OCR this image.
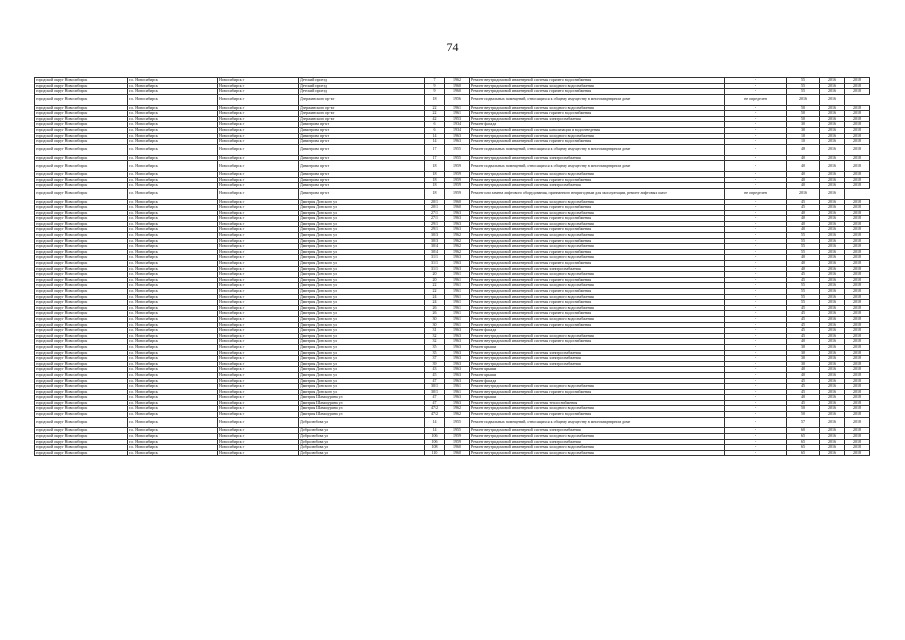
74
городской округ Новосибирск	г.о. Новосибирск	Новосибирск г	Детский проезд	7	1962	Ремонт внутридомовой инженерной системы горячего водоснабжения	-	55	2016	2018
городской округ Новосибирск	г.о. Новосибирск	Новосибирск г	Детский проезд	9	1960	Ремонт внутридомовой инженерной системы холодного водоснабжения	-	55	2016	2018
городской округ Новосибирск	г.о. Новосибирск	Новосибирск г	Детский проезд	9	1960	Ремонт внутридомовой инженерной системы горячего водоснабжения	-	55	2016	2018
городской округ Новосибирск	г.о. Новосибирск	Новосибирск г	Дзержинского пр-кт	18	1956	Ремонт подвальных помещений, относящихся к общему имуществу в многоквартирном доме	не определен	2016	2016	
городской округ Новосибирск	г.о. Новосибирск	Новосибирск г	Дзержинского пр-кт	22	1961	Ремонт внутридомовой инженерной системы холодного водоснабжения	-	50	2016	2018
городской округ Новосибирск	г.о. Новосибирск	Новосибирск г	Дзержинского пр-кт	22	1961	Ремонт внутридомовой инженерной системы горячего водоснабжения	-	50	2016	2018
городской округ Новосибирск	г.о. Новосибирск	Новосибирск г	Дзержинского пр-кт	42	1953	Ремонт внутридомовой инженерной системы электроснабжения	-	50	2016	2018
городской округ Новосибирск	г.о. Новосибирск	Новосибирск г	Димитрова пр-кт	6	1934	Ремонт фасада	-	30	2016	2018
городской округ Новосибирск	г.о. Новосибирск	Новосибирск г	Димитрова пр-кт	6	1934	Ремонт внутридомовой инженерной системы канализации и водоотведения	-	30	2016	2018
городской округ Новосибирск	г.о. Новосибирск	Новосибирск г	Димитрова пр-кт	14	1963	Ремонт внутридомовой инженерной системы холодного водоснабжения	-	10	2016	2018
городской округ Новосибирск	г.о. Новосибирск	Новосибирск г	Димитрова пр-кт	14	1963	Ремонт внутридомовой инженерной системы горячего водоснабжения	-	10	2016	2018
городской округ Новосибирск	г.о. Новосибирск	Новосибирск г	Димитрова пр-кт	17	1955	Ремонт подвальных помещений, относящихся к общему имуществу в многоквартирном доме	-	48	2016	2018
городской округ Новосибирск	г.о. Новосибирск	Новосибирск г	Димитрова пр-кт	17	1955	Ремонт внутридомовой инженерной системы электроснабжения	-	40	2016	2018
городской округ Новосибирск	г.о. Новосибирск	Новосибирск г	Димитрова пр-кт	18	1959	Ремонт подвальных помещений, относящихся к общему имуществу в многоквартирном доме	-	40	2016	2018
городской округ Новосибирск	г.о. Новосибирск	Новосибирск г	Димитрова пр-кт	18	1959	Ремонт внутридомовой инженерной системы холодного водоснабжения	-	40	2016	2018
городской округ Новосибирск	г.о. Новосибирск	Новосибирск г	Димитрова пр-кт	18	1959	Ремонт внутридомовой инженерной системы горячего водоснабжения	-	40	2016	2018
городской округ Новосибирск	г.о. Новосибирск	Новосибирск г	Димитрова пр-кт	18	1959	Ремонт внутридомовой инженерной системы электроснабжения	-	40	2016	2018
городской округ Новосибирск	г.о. Новосибирск	Новосибирск г	Димитрова пр-кт	18	1959	Ремонт или замена лифтового оборудования, признанного непригодным для эксплуатации, ремонт лифтовых шахт	не определен	2016	2016	
городской округ Новосибирск	г.о. Новосибирск	Новосибирск г	Дмитрия Донского ул	20/1	1960	Ремонт внутридомовой инженерной системы холодного водоснабжения	-	45	2016	2018
городской округ Новосибирск	г.о. Новосибирск	Новосибирск г	Дмитрия Донского ул	20/1	1960	Ремонт внутридомовой инженерной системы горячего водоснабжения	-	45	2016	2018
городской округ Новосибирск	г.о. Новосибирск	Новосибирск г	Дмитрия Донского ул	27/1	1963	Ремонт внутридомовой инженерной системы холодного водоснабжения	-	40	2016	2018
городской округ Новосибирск	г.о. Новосибирск	Новосибирск г	Дмитрия Донского ул	27/1	1963	Ремонт внутридомовой инженерной системы горячего водоснабжения	-	40	2016	2018
городской округ Новосибирск	г.о. Новосибирск	Новосибирск г	Дмитрия Донского ул	29/1	1963	Ремонт внутридомовой инженерной системы холодного водоснабжения	-	40	2016	2018
городской округ Новосибирск	г.о. Новосибирск	Новосибирск г	Дмитрия Донского ул	29/1	1963	Ремонт внутридомовой инженерной системы горячего водоснабжения	-	40	2016	2018
городской округ Новосибирск	г.о. Новосибирск	Новосибирск г	Дмитрия Донского ул	30/3	1962	Ремонт внутридомовой инженерной системы холодного водоснабжения	-	55	2016	2018
городской округ Новосибирск	г.о. Новосибирск	Новосибирск г	Дмитрия Донского ул	30/3	1962	Ремонт внутридомовой инженерной системы горячего водоснабжения	-	55	2016	2018
городской округ Новосибирск	г.о. Новосибирск	Новосибирск г	Дмитрия Донского ул	30/4	1962	Ремонт внутридомовой инженерной системы холодного водоснабжения	-	55	2016	2018
городской округ Новосибирск	г.о. Новосибирск	Новосибирск г	Дмитрия Донского ул	30/4	1962	Ремонт внутридомовой инженерной системы горячего водоснабжения	-	55	2016	2018
городской округ Новосибирск	г.о. Новосибирск	Новосибирск г	Дмитрия Донского ул	31/1	1963	Ремонт внутридомовой инженерной системы холодного водоснабжения	-	40	2016	2018
городской округ Новосибирск	г.о. Новосибирск	Новосибирск г	Дмитрия Донского ул	31/1	1963	Ремонт внутридомовой инженерной системы горячего водоснабжения	-	40	2016	2018
городской округ Новосибирск	г.о. Новосибирск	Новосибирск г	Дмитрия Донского ул	31/1	1963	Ремонт внутридомовой инженерной системы электроснабжения	-	40	2016	2018
городской округ Новосибирск	г.о. Новосибирск	Новосибирск г	Дмитрия Донского ул	20	1961	Ремонт внутридомовой инженерной системы холодного водоснабжения	-	45	2016	2018
городской округ Новосибирск	г.о. Новосибирск	Новосибирск г	Дмитрия Донского ул	20	1961	Ремонт внутридомовой инженерной системы горячего водоснабжения	-	45	2016	2018
городской округ Новосибирск	г.о. Новосибирск	Новосибирск г	Дмитрия Донского ул	22	1961	Ремонт внутридомовой инженерной системы холодного водоснабжения	-	55	2016	2018
городской округ Новосибирск	г.о. Новосибирск	Новосибирск г	Дмитрия Донского ул	22	1961	Ремонт внутридомовой инженерной системы горячего водоснабжения	-	55	2016	2018
городской округ Новосибирск	г.о. Новосибирск	Новосибирск г	Дмитрия Донского ул	24	1961	Ремонт внутридомовой инженерной системы холодного водоснабжения	-	55	2016	2018
городской округ Новосибирск	г.о. Новосибирск	Новосибирск г	Дмитрия Донского ул	24	1961	Ремонт внутридомовой инженерной системы горячего водоснабжения	-	55	2016	2018
городской округ Новосибирск	г.о. Новосибирск	Новосибирск г	Дмитрия Донского ул	26	1961	Ремонт внутридомовой инженерной системы холодного водоснабжения	-	45	2016	2018
городской округ Новосибирск	г.о. Новосибирск	Новосибирск г	Дмитрия Донского ул	26	1961	Ремонт внутридомовой инженерной системы горячего водоснабжения	-	45	2016	2018
городской округ Новосибирск	г.о. Новосибирск	Новосибирск г	Дмитрия Донского ул	30	1961	Ремонт внутридомовой инженерной системы холодного водоснабжения	-	45	2016	2018
городской округ Новосибирск	г.о. Новосибирск	Новосибирск г	Дмитрия Донского ул	30	1961	Ремонт внутридомовой инженерной системы горячего водоснабжения	-	45	2016	2018
городской округ Новосибирск	г.о. Новосибирск	Новосибирск г	Дмитрия Донского ул	31	1963	Ремонт фасада	-	45	2016	2018
городской округ Новосибирск	г.о. Новосибирск	Новосибирск г	Дмитрия Донского ул	32	1963	Ремонт внутридомовой инженерной системы холодного водоснабжения	-	45	2016	2018
городской округ Новосибирск	г.о. Новосибирск	Новосибирск г	Дмитрия Донского ул	32	1963	Ремонт внутридомовой инженерной системы горячего водоснабжения	-	40	2016	2018
городской округ Новосибирск	г.о. Новосибирск	Новосибирск г	Дмитрия Донского ул	35	1963	Ремонт крыши	-	30	2016	2018
городской округ Новосибирск	г.о. Новосибирск	Новосибирск г	Дмитрия Донского ул	35	1963	Ремонт внутридомовой инженерной системы электроснабжения	-	30	2016	2018
городской округ Новосибирск	г.о. Новосибирск	Новосибирск г	Дмитрия Донского ул	37	1963	Ремонт внутридомовой инженерной системы электроснабжения	-	30	2016	2018
городской округ Новосибирск	г.о. Новосибирск	Новосибирск г	Дмитрия Донского ул	39	1963	Ремонт внутридомовой инженерной системы электроснабжения	-	30	2016	2018
городской округ Новосибирск	г.о. Новосибирск	Новосибирск г	Дмитрия Донского ул	43	1963	Ремонт крыши	-	40	2016	2018
городской округ Новосибирск	г.о. Новосибирск	Новосибирск г	Дмитрия Донского ул	45	1963	Ремонт крыши	-	40	2016	2018
городской округ Новосибирск	г.о. Новосибирск	Новосибирск г	Дмитрия Донского ул	47	1963	Ремонт фасада	-	45	2016	2018
городской округ Новосибирск	г.о. Новосибирск	Новосибирск г	Дмитрия Донского ул	30/1	1961	Ремонт внутридомовой инженерной системы холодного водоснабжения	-	45	2016	2018
городской округ Новосибирск	г.о. Новосибирск	Новосибирск г	Дмитрия Донского ул	30/1	1961	Ремонт внутридомовой инженерной системы горячего водоснабжения	-	45	2016	2018
городской округ Новосибирск	г.о. Новосибирск	Новосибирск г	Дмитрия Шамшурина ул	47	1963	Ремонт крыши	-	40	2016	2018
городской округ Новосибирск	г.о. Новосибирск	Новосибирск г	Дмитрия Шамшурина ул	47	1963	Ремонт внутридомовой инженерной системы теплоснабжения	-	45	2016	2018
городской округ Новосибирск	г.о. Новосибирск	Новосибирск г	Дмитрия Шамшурина ул	47/2	1962	Ремонт внутридомовой инженерной системы холодного водоснабжения	-	50	2016	2018
городской округ Новосибирск	г.о. Новосибирск	Новосибирск г	Дмитрия Шамшурина ул	47/2	1962	Ремонт внутридомовой инженерной системы горячего водоснабжения	-	50	2016	2018
городской округ Новосибирск	г.о. Новосибирск	Новосибирск г	Добролюбова ул	14	1955	Ремонт подвальных помещений, относящихся к общему имуществу в многоквартирном доме	-	57	2016	2018
городской округ Новосибирск	г.о. Новосибирск	Новосибирск г	Добролюбова ул	14	1955	Ремонт внутридомовой инженерной системы электроснабжения	-	60	2016	2018
городской округ Новосибирск	г.о. Новосибирск	Новосибирск г	Добролюбова ул	106	1959	Ремонт внутридомовой инженерной системы холодного водоснабжения	-	65	2016	2018
городской округ Новосибирск	г.о. Новосибирск	Новосибирск г	Добролюбова ул	106	1959	Ремонт внутридомовой инженерной системы электроснабжения	-	65	2016	2018
городской округ Новосибирск	г.о. Новосибирск	Новосибирск г	Добролюбова ул	108	1960	Ремонт внутридомовой инженерной системы холодного водоснабжения	-	65	2016	2018
городской округ Новосибирск	г.о. Новосибирск	Новосибирск г	Добролюбова ул	110	1960	Ремонт внутридомовой инженерной системы холодного водоснабжения	-	65	2016	2018
